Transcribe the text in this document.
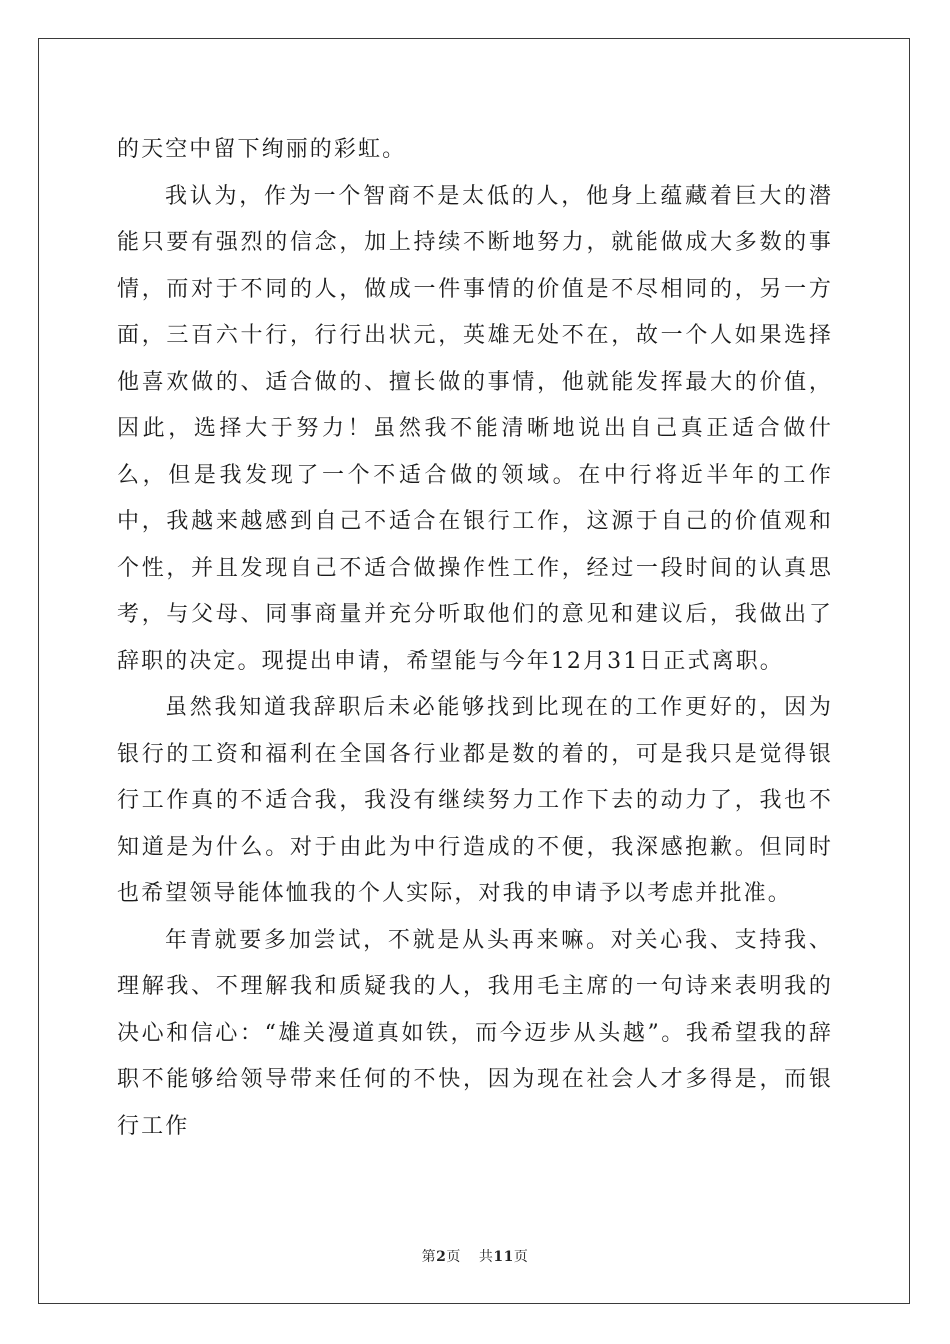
的天空中留下绚丽的彩虹。

我认为，作为一个智商不是太低的人，他身上蕴藏着巨大的潜能只要有强烈的信念，加上持续不断地努力，就能做成大多数的事情，而对于不同的人，做成一件事情的价值是不尽相同的，另一方面，三百六十行，行行出状元，英雄无处不在，故一个人如果选择他喜欢做的、适合做的、擅长做的事情，他就能发挥最大的价值，因此，选择大于努力！虽然我不能清晰地说出自己真正适合做什么，但是我发现了一个不适合做的领域。在中行将近半年的工作中，我越来越感到自己不适合在银行工作，这源于自己的价值观和个性，并且发现自己不适合做操作性工作，经过一段时间的认真思考，与父母、同事商量并充分听取他们的意见和建议后，我做出了辞职的决定。现提出申请，希望能与今年12月31日正式离职。

虽然我知道我辞职后未必能够找到比现在的工作更好的，因为银行的工资和福利在全国各行业都是数的着的，可是我只是觉得银行工作真的不适合我，我没有继续努力工作下去的动力了，我也不知道是为什么。对于由此为中行造成的不便，我深感抱歉。但同时也希望领导能体恤我的个人实际，对我的申请予以考虑并批准。

年青就要多加尝试，不就是从头再来嘛。对关心我、支持我、理解我、不理解我和质疑我的人，我用毛主席的一句诗来表明我的决心和信心：“雄关漫道真如铁，而今迈步从头越”。我希望我的辞职不能够给领导带来任何的不快，因为现在社会人才多得是，而银行工作

第2页 共11页
